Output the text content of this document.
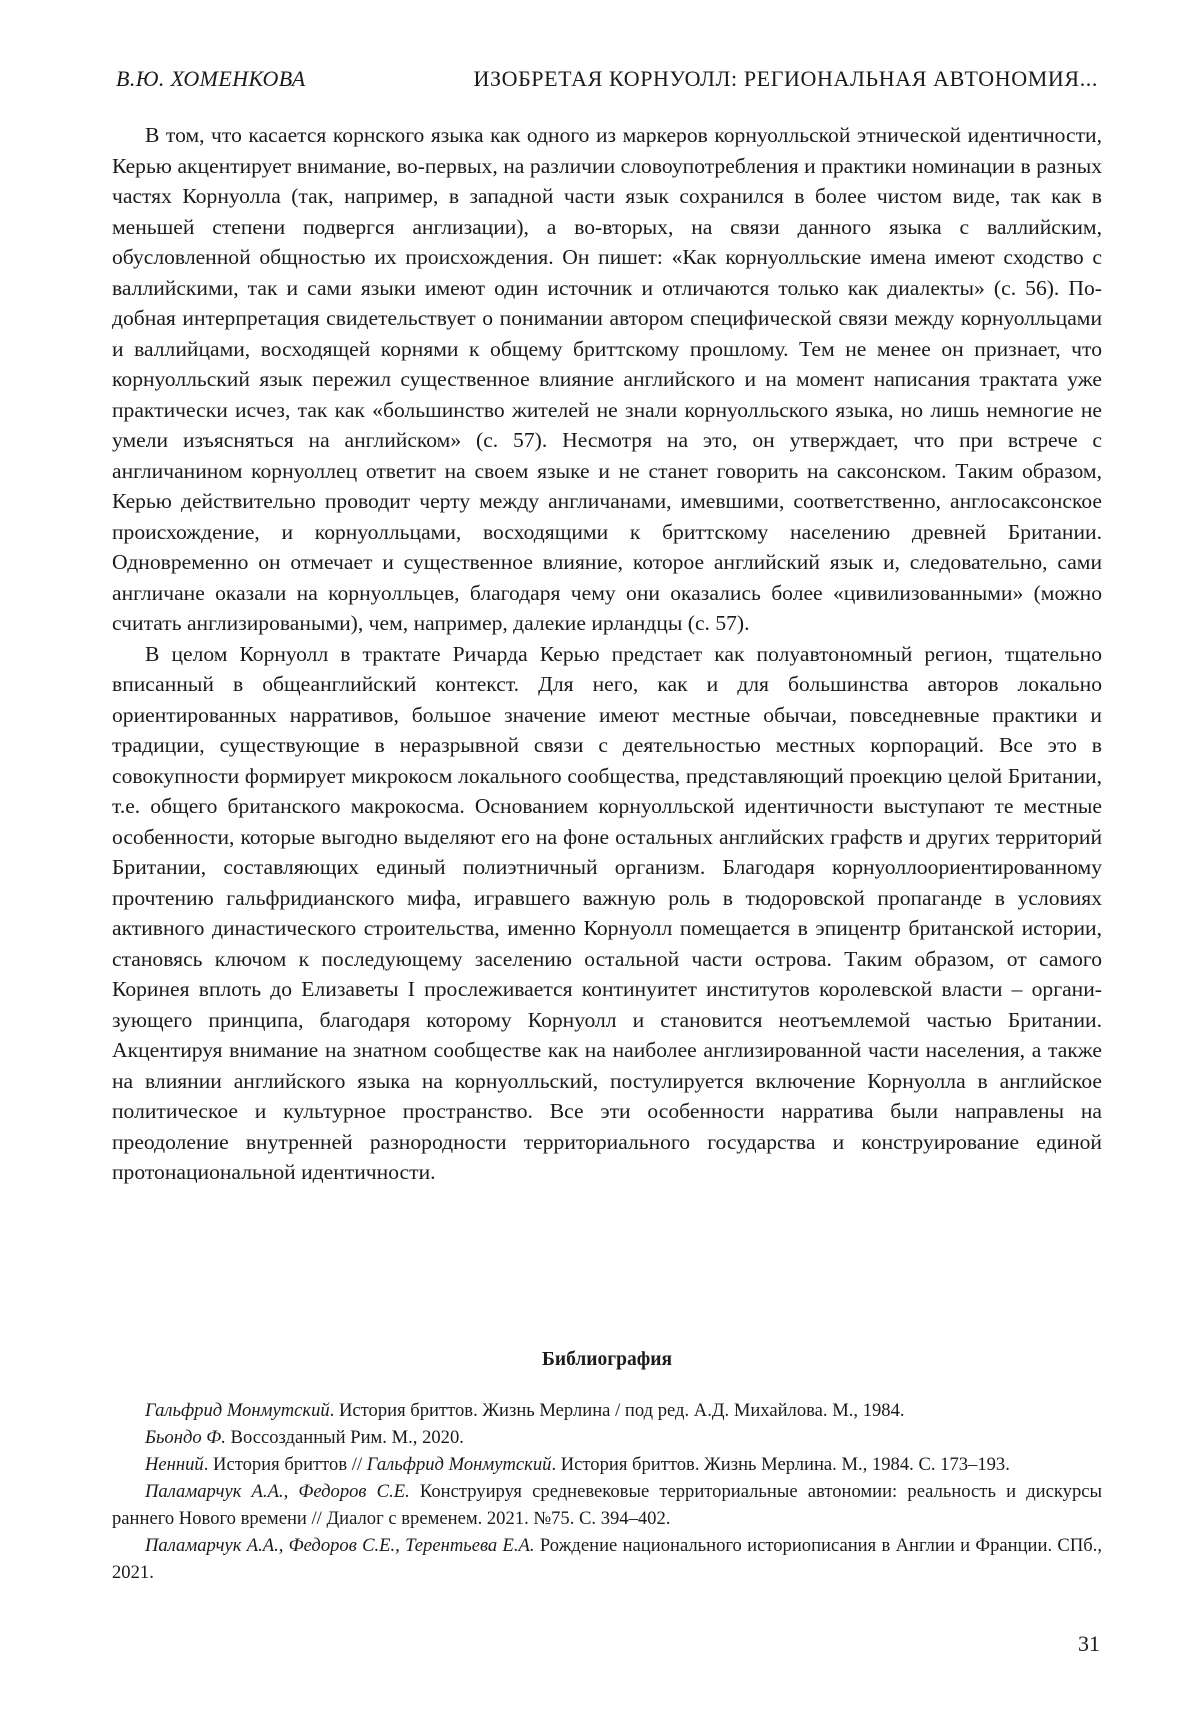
В.Ю. ХОМЕНКОВА	ИЗОБРЕТАЯ КОРНУОЛЛ: РЕГИОНАЛЬНАЯ АВТОНОМИЯ...

В том, что касается корнского языка как одного из маркеров корнуолльской этниче­ской идентичности, Керью акцентирует внимание, во-первых, на различии словоупотре­бления и практики номинации в разных частях Корнуолла (так, например, в западной части язык сохранился в более чистом виде, так как в меньшей степени подвергся англи­зации), а во-вторых, на связи данного языка с валлийским, обусловленной общностью их происхождения. Он пишет: «Как корнуолльские имена имеют сходство с валлийскими, так и сами языки имеют один источник и отличаются только как диалекты» (с. 56). По­добная интерпретация свидетельствует о понимании автором специфической связи меж­ду корнуолльцами и валлийцами, восходящей корнями к общему бриттскому прошлому. Тем не менее он признает, что корнуолльский язык пережил существенное влияние ан­глийского и на момент написания трактата уже практически исчез, так как «большин­ство жителей не знали корнуолльского языка, но лишь немногие не умели изъясняться на английском» (с. 57). Несмотря на это, он утверждает, что при встрече с англичанином корнуоллец ответит на своем языке и не станет говорить на саксонском. Таким образом, Керью действительно проводит черту между англичанами, имевшими, соответственно, англосаксонское происхождение, и корнуолльцами, восходящими к бриттскому населе­нию древней Британии. Одновременно он отмечает и существенное влияние, которое английский язык и, следовательно, сами англичане оказали на корнуолльцев, благодаря чему они оказались более «цивилизованными» (можно считать англизироваными), чем, например, далекие ирландцы (с. 57).

В целом Корнуолл в трактате Ричарда Керью предстает как полуавтономный реги­он, тщательно вписанный в общеанглийский контекст. Для него, как и для большин­ства авторов локально ориентированных нарративов, большое значение имеют местные обычаи, повседневные практики и традиции, существующие в неразрывной связи с дея­тельностью местных корпораций. Все это в совокупности формирует микрокосм локаль­ного сообщества, представляющий проекцию целой Британии, т.е. общего британского макрокосма. Основанием корнуолльской идентичности выступают те местные особен­ности, которые выгодно выделяют его на фоне остальных английских графств и других территорий Британии, составляющих единый полиэтничный организм. Благодаря кор­нуоллоориентированному прочтению гальфридианского мифа, игравшего важную роль в тюдоровской пропаганде в условиях активного династического строительства, именно Корнуолл помещается в эпицентр британской истории, становясь ключом к последую­щему заселению остальной части острова. Таким образом, от самого Коринея вплоть до Елизаветы I прослеживается континуитет институтов королевской власти – органи­зующего принципа, благодаря которому Корнуолл и становится неотъемлемой частью Британии. Акцентируя внимание на знатном сообществе как на наиболее англизирован­ной части населения, а также на влиянии английского языка на корнуолльский, посту­лируется включение Корнуолла в английское политическое и культурное пространство. Все эти особенности нарратива были направлены на преодоление внутренней разно­родности территориального государства и конструирование единой протонациональной идентичности.

Библиография

Гальфрид Монмутский. История бриттов. Жизнь Мерлина / под ред. А.Д. Михайлова. М., 1984.

Бьондо Ф. Воссозданный Рим. М., 2020.

Ненний. История бриттов // Гальфрид Монмутский. История бриттов. Жизнь Мерлина. М., 1984. С. 173–193.

Паламарчук А.А., Федоров С.Е. Конструируя средневековые территориальные автономии: реаль­ность и дискурсы раннего Нового времени // Диалог с временем. 2021. №75. С. 394–402.

Паламарчук А.А., Федоров С.Е., Терентьева Е.А. Рождение национального историописания в Ан­глии и Франции. СПб., 2021.

31
